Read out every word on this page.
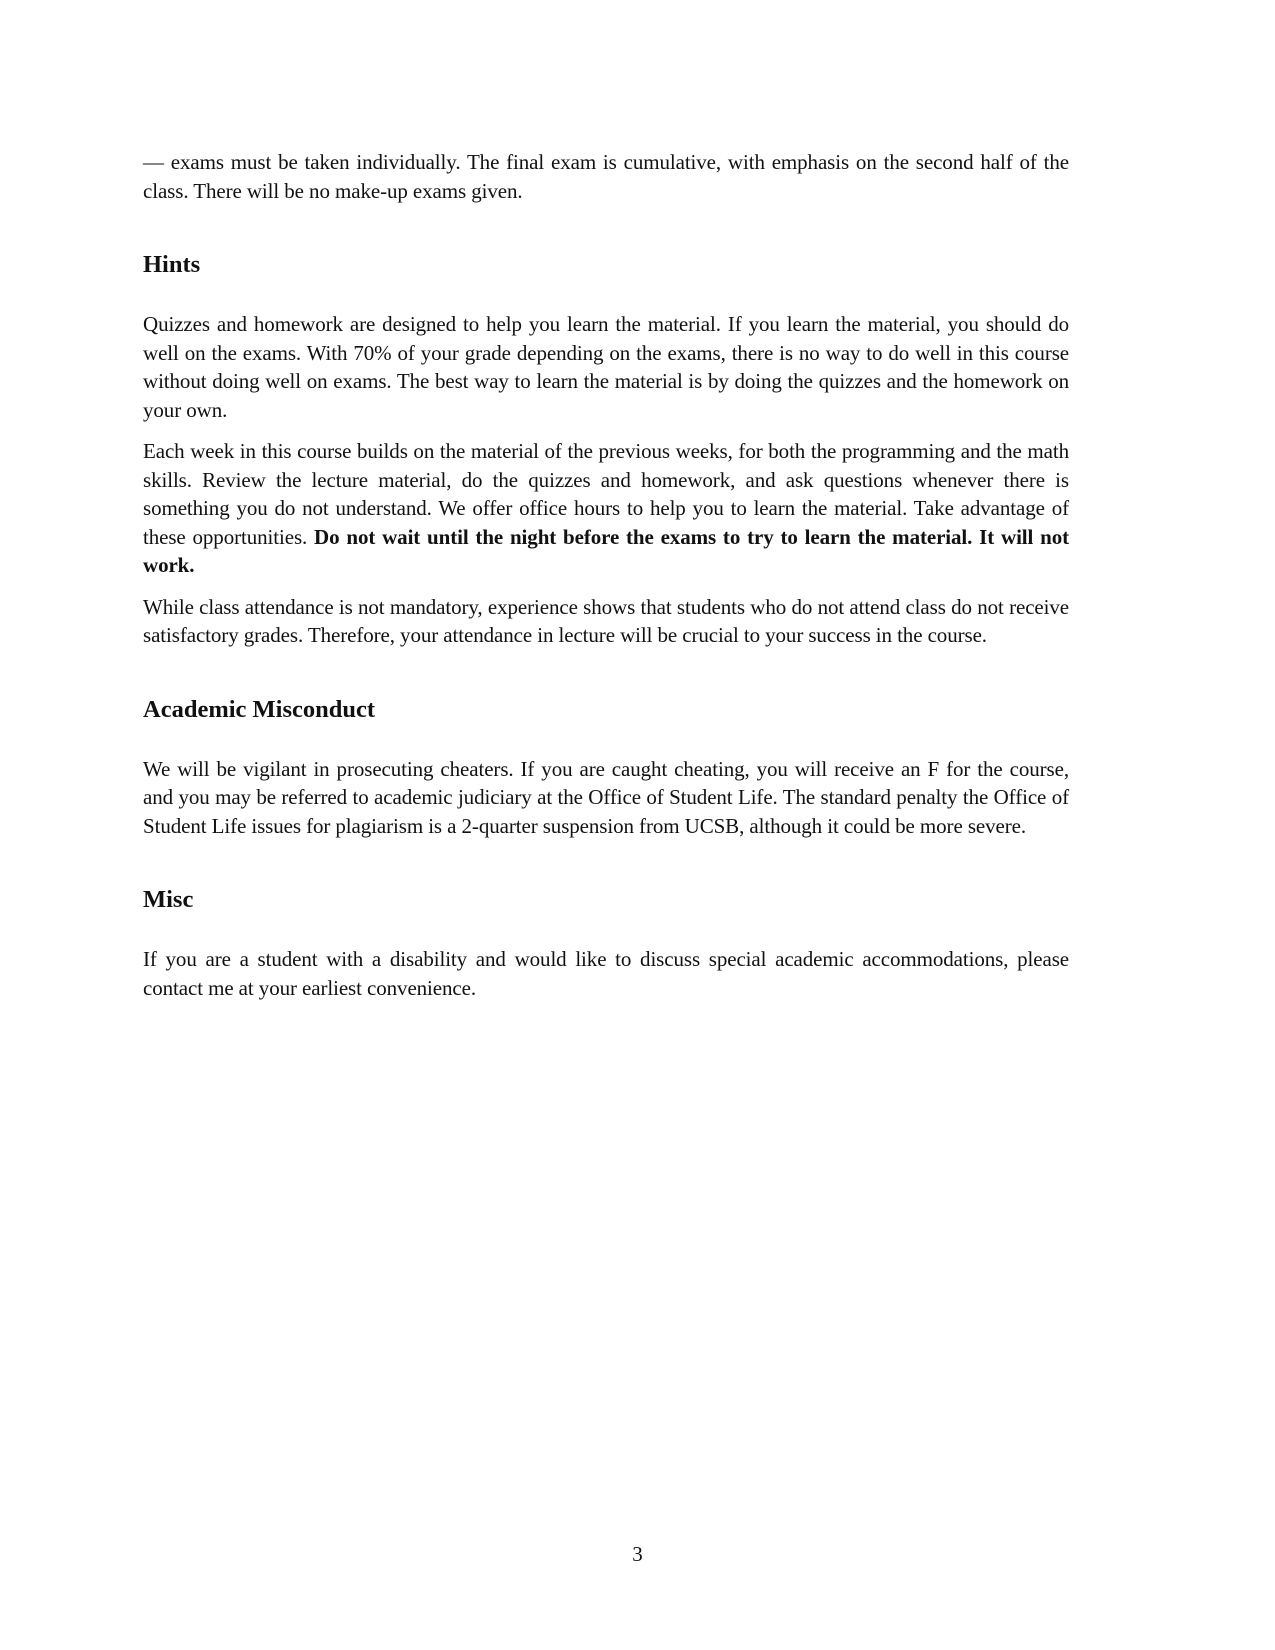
— exams must be taken individually. The final exam is cumulative, with emphasis on the second half of the class. There will be no make-up exams given.

Hints

Quizzes and homework are designed to help you learn the material. If you learn the material, you should do well on the exams. With 70% of your grade depending on the exams, there is no way to do well in this course without doing well on exams. The best way to learn the material is by doing the quizzes and the homework on your own.

Each week in this course builds on the material of the previous weeks, for both the programming and the math skills. Review the lecture material, do the quizzes and homework, and ask questions whenever there is something you do not understand. We offer office hours to help you to learn the material. Take advantage of these opportunities. Do not wait until the night before the exams to try to learn the material. It will not work.

While class attendance is not mandatory, experience shows that students who do not attend class do not receive satisfactory grades. Therefore, your attendance in lecture will be crucial to your success in the course.

Academic Misconduct

We will be vigilant in prosecuting cheaters. If you are caught cheating, you will receive an F for the course, and you may be referred to academic judiciary at the Office of Student Life. The standard penalty the Office of Student Life issues for plagiarism is a 2-quarter suspension from UCSB, although it could be more severe.

Misc

If you are a student with a disability and would like to discuss special academic accommodations, please contact me at your earliest convenience.

3
